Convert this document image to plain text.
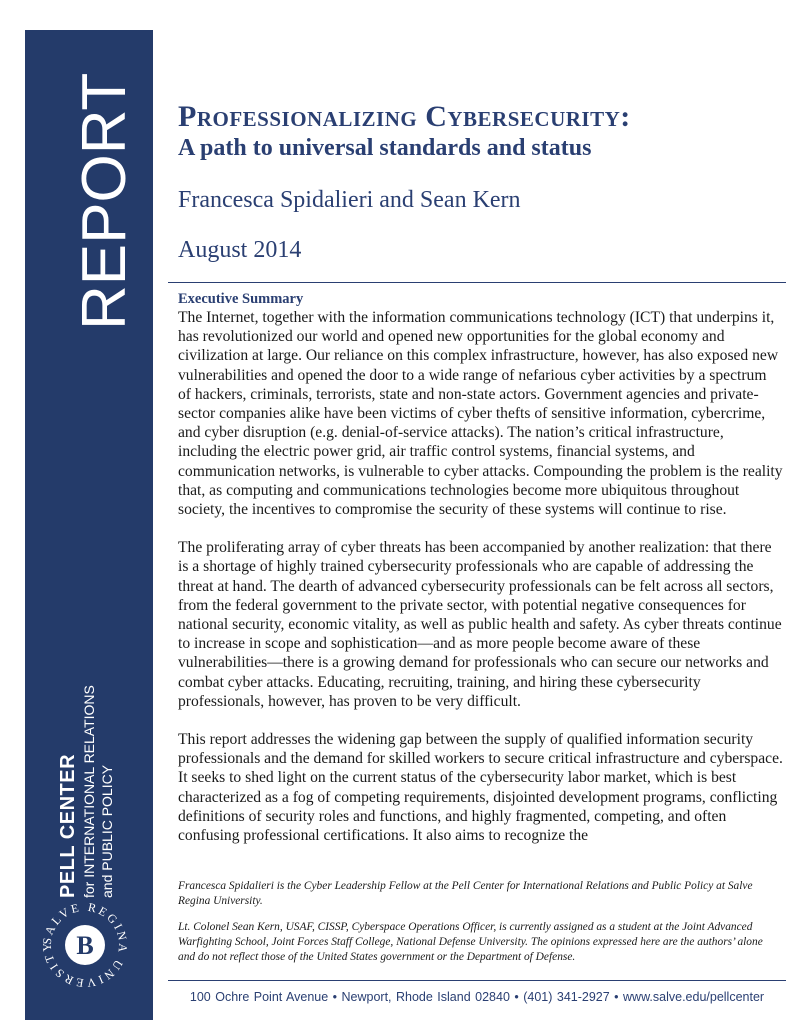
REPORT
PELL CENTER for INTERNATIONAL RELATIONS and PUBLIC POLICY
SALVE REGINA UNIVERSITY B
Professionalizing Cybersecurity:
A path to universal standards and status
Francesca Spidalieri and Sean Kern
August 2014
Executive Summary

The Internet, together with the information communications technology (ICT) that underpins it, has revolutionized our world and opened new opportunities for the global economy and civilization at large. Our reliance on this complex infrastructure, however, has also exposed new vulnerabilities and opened the door to a wide range of nefarious cyber activities by a spectrum of hackers, criminals, terrorists, state and non-state actors. Government agencies and private-sector companies alike have been victims of cyber thefts of sensitive information, cybercrime, and cyber disruption (e.g. denial-of-service attacks). The nation’s critical infrastructure, including the electric power grid, air traffic control systems, financial systems, and communication networks, is vulnerable to cyber attacks. Compounding the problem is the reality that, as computing and communications technologies become more ubiquitous throughout society, the incentives to compromise the security of these systems will continue to rise.

The proliferating array of cyber threats has been accompanied by another realization: that there is a shortage of highly trained cybersecurity professionals who are capable of addressing the threat at hand. The dearth of advanced cybersecurity professionals can be felt across all sectors, from the federal government to the private sector, with potential negative consequences for national security, economic vitality, as well as public health and safety. As cyber threats continue to increase in scope and sophistication—and as more people become aware of these vulnerabilities—there is a growing demand for professionals who can secure our networks and combat cyber attacks. Educating, recruiting, training, and hiring these cybersecurity professionals, however, has proven to be very difficult.

This report addresses the widening gap between the supply of qualified information security professionals and the demand for skilled workers to secure critical infrastructure and cyberspace. It seeks to shed light on the current status of the cybersecurity labor market, which is best characterized as a fog of competing requirements, disjointed development programs, conflicting definitions of security roles and functions, and highly fragmented, competing, and often confusing professional certifications. It also aims to recognize the

Francesca Spidalieri is the Cyber Leadership Fellow at the Pell Center for International Relations and Public Policy at Salve Regina University.

Lt. Colonel Sean Kern, USAF, CISSP, Cyberspace Operations Officer, is currently assigned as a student at the Joint Advanced Warfighting School, Joint Forces Staff College, National Defense University. The opinions expressed here are the authors’ alone and do not reflect those of the United States government or the Department of Defense.

100 Ochre Point Avenue • Newport, Rhode Island 02840 • (401) 341-2927 • www.salve.edu/pellcenter
